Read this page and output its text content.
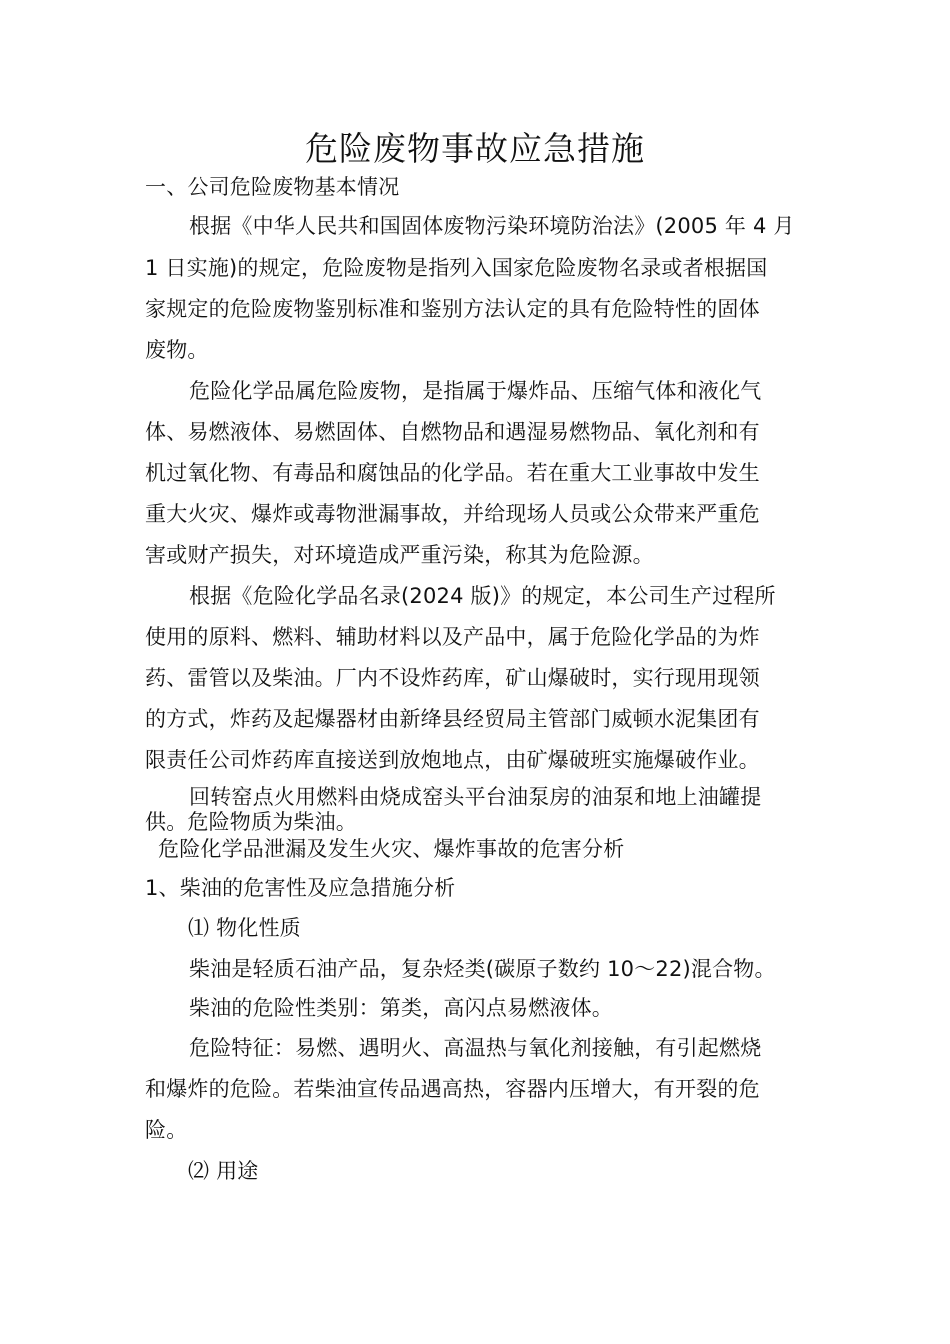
危险废物事故应急措施
一、公司危险废物基本情况
根据《中华人民共和国固体废物污染环境防治法》(2005 年 4 月
1 日实施)的规定，危险废物是指列入国家危险废物名录或者根据国
家规定的危险废物鉴别标准和鉴别方法认定的具有危险特性的固体
废物。
危险化学品属危险废物，是指属于爆炸品、压缩气体和液化气
体、易燃液体、易燃固体、自燃物品和遇湿易燃物品、氧化剂和有
机过氧化物、有毒品和腐蚀品的化学品。若在重大工业事故中发生
重大火灾、爆炸或毒物泄漏事故，并给现场人员或公众带来严重危
害或财产损失，对环境造成严重污染，称其为危险源。
根据《危险化学品名录(2024 版)》的规定，本公司生产过程所
使用的原料、燃料、辅助材料以及产品中，属于危险化学品的为炸
药、雷管以及柴油。厂内不设炸药库，矿山爆破时，实行现用现领
的方式，炸药及起爆器材由新绛县经贸局主管部门威顿水泥集团有
限责任公司炸药库直接送到放炮地点，由矿爆破班实施爆破作业。
回转窑点火用燃料由烧成窑头平台油泵房的油泵和地上油罐提
供。危险物质为柴油。
危险化学品泄漏及发生火灾、爆炸事故的危害分析
1、柴油的危害性及应急措施分析
⑴ 物化性质
柴油是轻质石油产品，复杂烃类(碳原子数约 10～22)混合物。
柴油的危险性类别：第类，高闪点易燃液体。
危险特征：易燃、遇明火、高温热与氧化剂接触，有引起燃烧
和爆炸的危险。若柴油宣传品遇高热，容器内压增大，有开裂的危
险。
⑵ 用途
